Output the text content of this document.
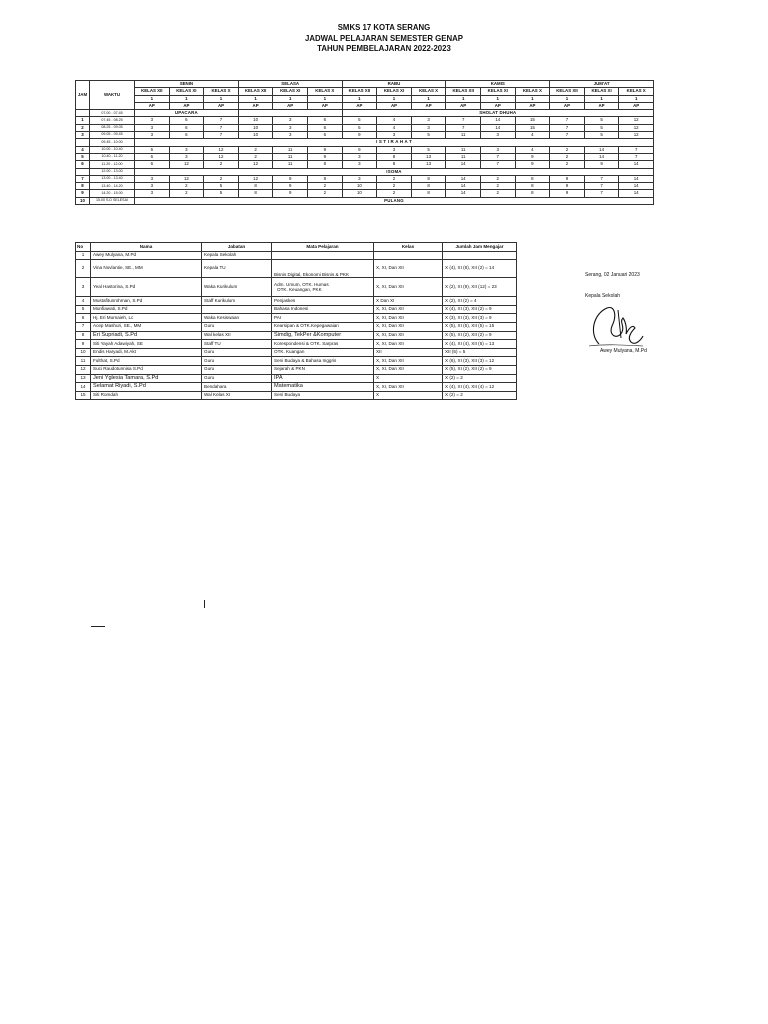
SMKS 17 KOTA SERANG
JADWAL PELAJARAN SEMESTER GENAP
TAHUN PEMBELAJARAN 2022-2023
JAM	WAKTU	SENIN			SELASA			RABU			KAMIS			JUM'AT		
		KELAS XII	KELAS XI	KELAS X	KELAS XII	KELAS XI	KELAS X	KELAS XII	KELAS XI	KELAS X	KELAS XII	KELAS XI	KELAS X	KELAS XII	KELAS XI	KELAS X
		1	1	1	1	1	1	1	1	1	1	1	1	1	1	1
		AP	AP	AP	AP	AP	AP	AP	AP	AP	AP	AP	AP	AP	AP	AP
	07.00 - 07.45	UPACARA						SHOLAT DHUHA								
1	07.45 - 08.25	3	6	7	10	3	6	5	4	3	7	14	15	7	5	12
2	08.25 - 09.05	3	6	7	10	3	6	5	4	3	7	14	15	7	5	12
3	09.05 - 09.45	3	6	7	10	3	6	9	3	5	11	3	4	7	5	12
	09.45 - 10.00	I S T I R A H A T														
4	10.00 - 10.40	6	3	12	2	11	9	9	3	5	11	3	4	2	14	7
5	10.40 - 11.20	6	3	12	2	11	9	3	8	13	11	7	9	2	14	7
6	11.20 - 12.00	6	12	2	12	11	8	3	8	13	14	7	9	2	9	14
	12.00 - 13.00	ISOMA														
7	13.00 - 13.40	3	12	2	12	9	8	3	2	8	14	2	8	9	7	14
8	13.40 - 14.20	3	2	5	8	9	2	10	2	8	14	2	8	9	7	14
9	14.20 - 15.00	3	2	5	8	9	2	10	2	8	14	2	8	9	7	14
10	15.00 S.D SELESAI	PULANG														
No	Nama	Jabatan	Mata Pelajaran	Kelas	Jumlah Jam Mengajar
1	Awey Mulyana, M.Pd	Kepala Sekolah			
2	Vina Novlantie, SE., MM	Kepala TU	Bisnis Digital, Ekonomi Bisnis & PKK	X, XI, Dan XII	X (4), XI (8), XII (2) = 14
3	Yeal Hastorina, S.Pd	Waka Kurikulum	Adm. Umum, OTK. Humas
OTK. Keuangan, PKK	X, XI, Dan XII	X (2), XI (9), XII (12) = 23
4	Mustafitunrohman, S.Pd	Staff Kurikulum	Penjaskes	X Dan XI	X (2), XI (2) = 4
5	Munfiawati, S.Pd		Bahasa Indonesi	X, XI, Dan XII	X (4), XI (3), XII (2) = 9
6	Hj. Eri Murnaieh, Lc	Waka Kesiswaan	PAI	X, XI, Dan XII	X (3), XI (3), XII (3) = 9
7	Acep Mashuri, SE., MM	Guru	Kearsipan & OTK.Kepegawaian	X, XI, Dan XII	X (5), XI (5), XII (5) = 15
8	Eri Supriadi, S.Pd	Wal kelas XII	Simdig, TekPer &Komputer	X, XI, Dan XII	X (5), XI (2), XII (2) = 9
9	Siti Yayah Adawiyah, SE	Staff TU	Korespondensi & OTK. Sarpras	X, XI, Dan XII	X (4), XI (4), XII (5) = 13
10	Endis Haryadi, M.Akt	Guru	OTK. Kuangan	XII	XII (5) = 5
11	Fulthat, S.Pd	Guru	Seni Budaya & Bahasa Inggris	X, XI, Dan XII	X (6), XI (3), XII (3) = 12
12	Suci Raudotunnisa S.Pd	Guru	Sejarah & PKN	X, XI, Dan XII	X (5), XI (2), XII (2) = 9
13	Jeni Yglesia Tamara, S.Pd	Guru	IPA	X	X (2) = 2
14	Selamat Riyadi, S.Pd	Bendahara	Matematika	X, XI, Dan XII	X (4), XI (4), XII (4) = 12
15	Siti Romdah	Wal Kelas XI	Seni Budaya	X	X (2) = 2
Serang, 02 Januari 2023
Kepala Sekolah
Awey Mulyana, M.Pd
